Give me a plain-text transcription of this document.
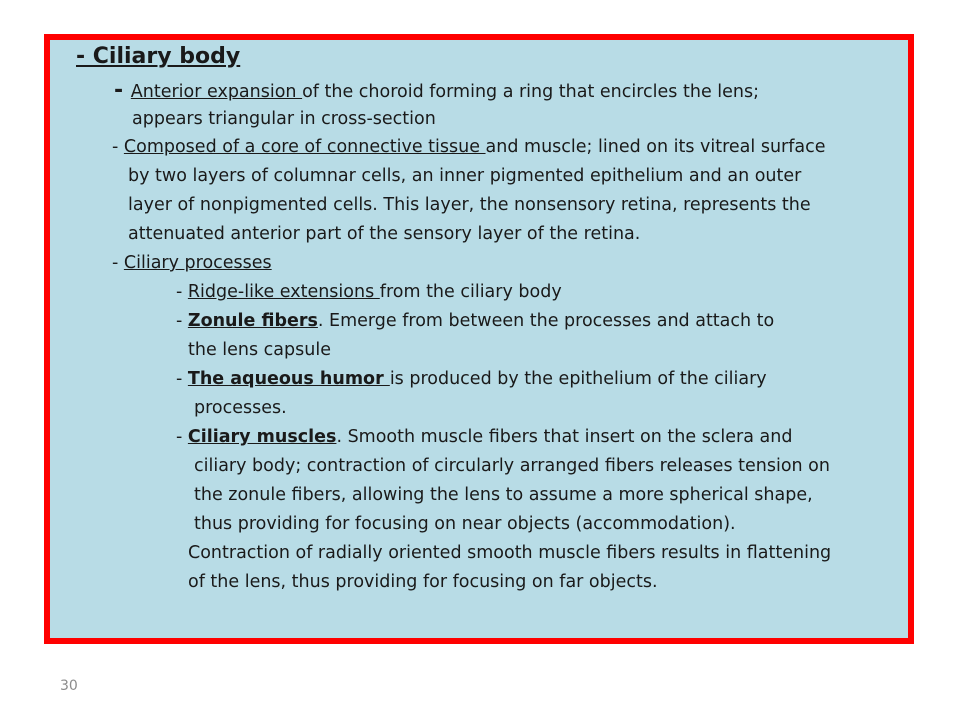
- Ciliary body
- Anterior expansion of the choroid forming a ring that encircles the lens;
appears triangular in cross-section
- Composed of a core of connective tissue and muscle; lined on its vitreal surface
by two layers of columnar cells, an inner pigmented epithelium and an outer
layer of nonpigmented cells. This layer, the nonsensory retina, represents the
attenuated anterior part of the sensory layer of the retina.
- Ciliary processes
- Ridge-like extensions from the ciliary body
- Zonule fibers. Emerge from between the processes and attach to
the lens capsule
- The aqueous humor is produced by the epithelium of the ciliary
processes.
- Ciliary muscles. Smooth muscle fibers that insert on the sclera and
ciliary body; contraction of circularly arranged fibers releases tension on
the zonule fibers, allowing the lens to assume a more spherical shape,
thus providing for focusing on near objects (accommodation).
Contraction of radially oriented smooth muscle fibers results in flattening
of the lens, thus providing for focusing on far objects.
30
